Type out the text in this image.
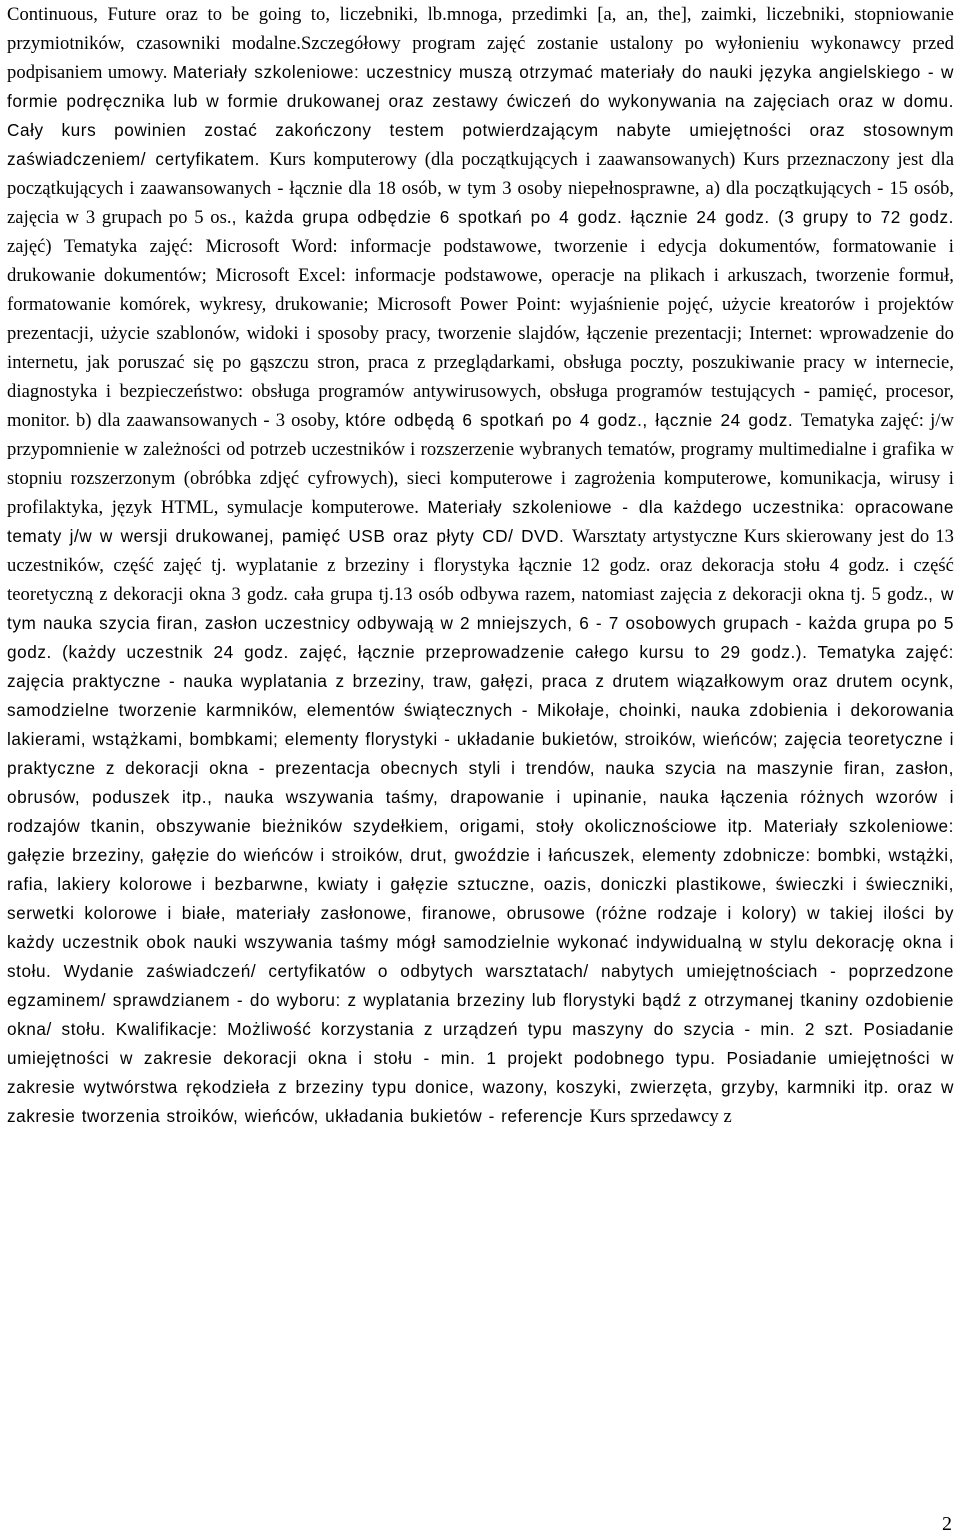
Continuous, Future oraz to be going to, liczebniki, lb.mnoga, przedimki [a, an, the], zaimki, liczebniki, stopniowanie przymiotników, czasowniki modalne.Szczegółowy program zajęć zostanie ustalony po wyłonieniu wykonawcy przed podpisaniem umowy. Materiały szkoleniowe: uczestnicy muszą otrzymać materiały do nauki języka angielskiego - w formie podręcznika lub w formie drukowanej oraz zestawy ćwiczeń do wykonywania na zajęciach oraz w domu. Cały kurs powinien zostać zakończony testem potwierdzającym nabyte umiejętności oraz stosownym zaświadczeniem/ certyfikatem. Kurs komputerowy (dla początkujących i zaawansowanych) Kurs przeznaczony jest dla początkujących i zaawansowanych - łącznie dla 18 osób, w tym 3 osoby niepełnosprawne, a) dla początkujących - 15 osób, zajęcia w 3 grupach po 5 os., każda grupa odbędzie 6 spotkań po 4 godz. łącznie 24 godz. (3 grupy to 72 godz. zajęć) Tematyka zajęć: Microsoft Word: informacje podstawowe, tworzenie i edycja dokumentów, formatowanie i drukowanie dokumentów; Microsoft Excel: informacje podstawowe, operacje na plikach i arkuszach, tworzenie formuł, formatowanie komórek, wykresy, drukowanie; Microsoft Power Point: wyjaśnienie pojęć, użycie kreatorów i projektów prezentacji, użycie szablonów, widoki i sposoby pracy, tworzenie slajdów, łączenie prezentacji; Internet: wprowadzenie do internetu, jak poruszać się po gąszczu stron, praca z przeglądarkami, obsługa poczty, poszukiwanie pracy w internecie, diagnostyka i bezpieczeństwo: obsługa programów antywirusowych, obsługa programów testujących - pamięć, procesor, monitor. b) dla zaawansowanych - 3 osoby, które odbędą 6 spotkań po 4 godz., łącznie 24 godz. Tematyka zajęć: j/w przypomnienie w zależności od potrzeb uczestników i rozszerzenie wybranych tematów, programy multimedialne i grafika w stopniu rozszerzonym (obróbka zdjęć cyfrowych), sieci komputerowe i zagrożenia komputerowe, komunikacja, wirusy i profilaktyka, język HTML, symulacje komputerowe. Materiały szkoleniowe - dla każdego uczestnika: opracowane tematy j/w w wersji drukowanej, pamięć USB oraz płyty CD/ DVD. Warsztaty artystyczne Kurs skierowany jest do 13 uczestników, część zajęć tj. wyplatanie z brzeziny i florystyka łącznie 12 godz. oraz dekoracja stołu 4 godz. i część teoretyczną z dekoracji okna 3 godz. cała grupa tj.13 osób odbywa razem, natomiast zajęcia z dekoracji okna tj. 5 godz., w tym nauka szycia firan, zasłon uczestnicy odbywają w 2 mniejszych, 6 - 7 osobowych grupach - każda grupa po 5 godz. (każdy uczestnik 24 godz. zajęć, łącznie przeprowadzenie całego kursu to 29 godz.). Tematyka zajęć: zajęcia praktyczne - nauka wyplatania z brzeziny, traw, gałęzi, praca z drutem wiązałkowym oraz drutem ocynk, samodzielne tworzenie karmników, elementów świątecznych - Mikołaje, choinki, nauka zdobienia i dekorowania lakierami, wstążkami, bombkami; elementy florystyki - układanie bukietów, stroików, wieńców; zajęcia teoretyczne i praktyczne z dekoracji okna - prezentacja obecnych styli i trendów, nauka szycia na maszynie firan, zasłon, obrusów, poduszek itp., nauka wszywania taśmy, drapowanie i upinanie, nauka łączenia różnych wzorów i rodzajów tkanin, obszywanie bieżników szydełkiem, origami, stoły okolicznościowe itp. Materiały szkoleniowe: gałęzie brzeziny, gałęzie do wieńców i stroików, drut, gwoździe i łańcuszek, elementy zdobnicze: bombki, wstążki, rafia, lakiery kolorowe i bezbarwne, kwiaty i gałęzie sztuczne, oazis, doniczki plastikowe, świeczki i świeczniki, serwetki kolorowe i białe, materiały zasłonowe, firanowe, obrusowe (różne rodzaje i kolory) w takiej ilości by każdy uczestnik obok nauki wszywania taśmy mógł samodzielnie wykonać indywidualną w stylu dekorację okna i stołu. Wydanie zaświadczeń/ certyfikatów o odbytych warsztatach/ nabytych umiejętnościach - poprzedzone egzaminem/ sprawdzianem - do wyboru: z wyplatania brzeziny lub florystyki bądź z otrzymanej tkaniny ozdobienie okna/ stołu. Kwalifikacje: Możliwość korzystania z urządzeń typu maszyny do szycia - min. 2 szt. Posiadanie umiejętności w zakresie dekoracji okna i stołu - min. 1 projekt podobnego typu. Posiadanie umiejętności w zakresie wytwórstwa rękodzieła z brzeziny typu donice, wazony, koszyki, zwierzęta, grzyby, karmniki itp. oraz w zakresie tworzenia stroików, wieńców, układania bukietów - referencje Kurs sprzedawcy z

2
